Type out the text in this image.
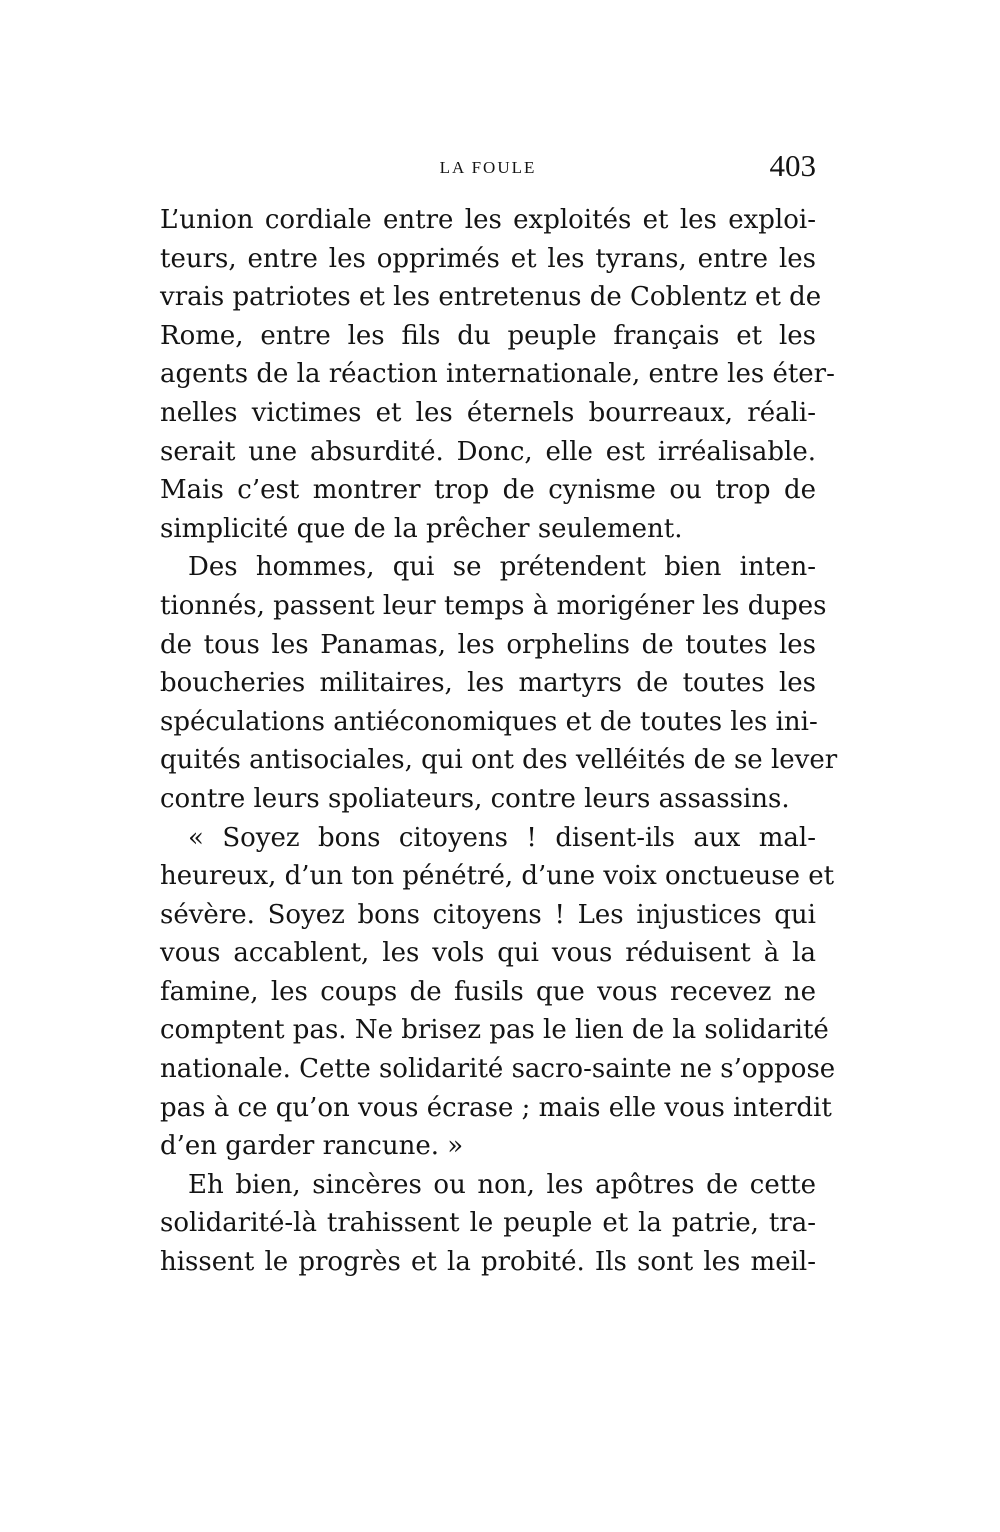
LA FOULE	403
L’union cordiale entre les exploités et les exploi-
teurs, entre les opprimés et les tyrans, entre les
vrais patriotes et les entretenus de Coblentz et de
Rome, entre les fils du peuple français et les
agents de la réaction internationale, entre les éter-
nelles victimes et les éternels bourreaux, réali-
serait une absurdité. Donc, elle est irréalisable.
Mais c’est montrer trop de cynisme ou trop de
simplicité que de la prêcher seulement.
Des hommes, qui se prétendent bien inten-
tionnés, passent leur temps à morigéner les dupes
de tous les Panamas, les orphelins de toutes les
boucheries militaires, les martyrs de toutes les
spéculations antiéconomiques et de toutes les ini-
quités antisociales, qui ont des velléités de se lever
contre leurs spoliateurs, contre leurs assassins.
« Soyez bons citoyens ! disent-ils aux mal-
heureux, d’un ton pénétré, d’une voix onctueuse et
sévère. Soyez bons citoyens ! Les injustices qui
vous accablent, les vols qui vous réduisent à la
famine, les coups de fusils que vous recevez ne
comptent pas. Ne brisez pas le lien de la solidarité
nationale. Cette solidarité sacro-sainte ne s’oppose
pas à ce qu’on vous écrase ; mais elle vous interdit
d’en garder rancune. »
Eh bien, sincères ou non, les apôtres de cette
solidarité-là trahissent le peuple et la patrie, tra-
hissent le progrès et la probité. Ils sont les meil-
